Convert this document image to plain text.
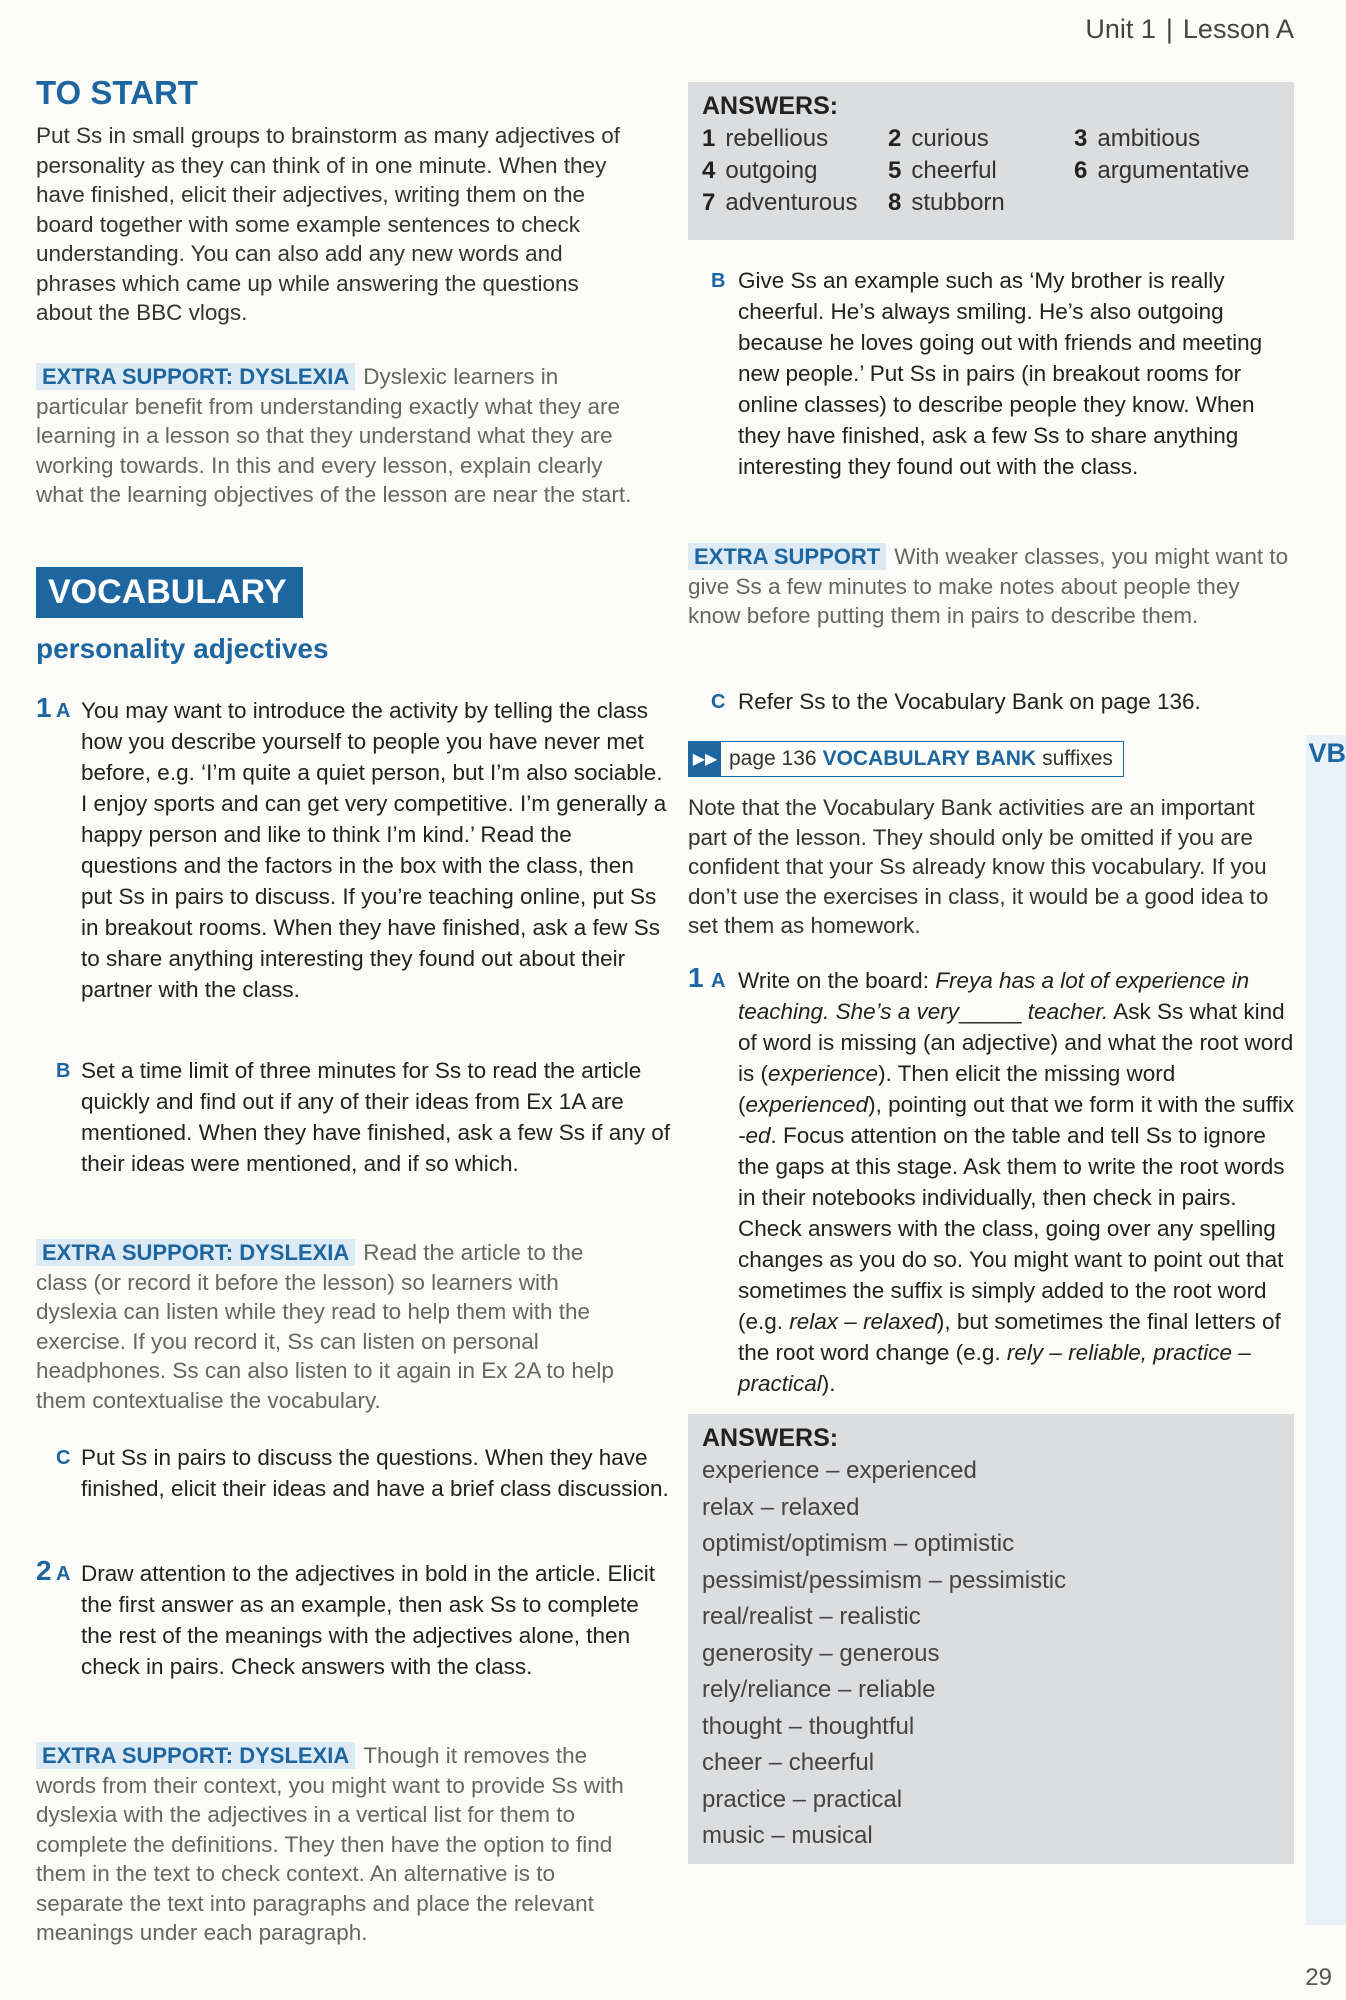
Unit 1 | Lesson A
VB
29
TO START

Put Ss in small groups to brainstorm as many adjectives of personality as they can think of in one minute. When they have finished, elicit their adjectives, writing them on the board together with some example sentences to check understanding. You can also add any new words and phrases which came up while answering the questions about the BBC vlogs.

EXTRA SUPPORT: DYSLEXIA Dyslexic learners in particular benefit from understanding exactly what they are learning in a lesson so that they understand what they are working towards. In this and every lesson, explain clearly what the learning objectives of the lesson are near the start.

VOCABULARY
personality adjectives
1 A You may want to introduce the activity by telling the class how you describe yourself to people you have never met before, e.g. ‘I’m quite a quiet person, but I’m also sociable. I enjoy sports and can get very competitive. I’m generally a happy person and like to think I’m kind.’ Read the questions and the factors in the box with the class, then put Ss in pairs to discuss. If you’re teaching online, put Ss in breakout rooms. When they have finished, ask a few Ss to share anything interesting they found out about their partner with the class.

B Set a time limit of three minutes for Ss to read the article quickly and find out if any of their ideas from Ex 1A are mentioned. When they have finished, ask a few Ss if any of their ideas were mentioned, and if so which.

EXTRA SUPPORT: DYSLEXIA Read the article to the class (or record it before the lesson) so learners with dyslexia can listen while they read to help them with the exercise. If you record it, Ss can listen on personal headphones. Ss can also listen to it again in Ex 2A to help them contextualise the vocabulary.

C Put Ss in pairs to discuss the questions. When they have finished, elicit their ideas and have a brief class discussion.

2 A Draw attention to the adjectives in bold in the article. Elicit the first answer as an example, then ask Ss to complete the rest of the meanings with the adjectives alone, then check in pairs. Check answers with the class.

EXTRA SUPPORT: DYSLEXIA Though it removes the words from their context, you might want to provide Ss with dyslexia with the adjectives in a vertical list for them to complete the definitions. They then have the option to find them in the text to check context. An alternative is to separate the text into paragraphs and place the relevant meanings under each paragraph.

ANSWERS:
1 rebellious	2 curious	3 ambitious
4 outgoing	5 cheerful	6 argumentative
7 adventurous	8 stubborn
B Give Ss an example such as ‘My brother is really cheerful. He’s always smiling. He’s also outgoing because he loves going out with friends and meeting new people.’ Put Ss in pairs (in breakout rooms for online classes) to describe people they know. When they have finished, ask a few Ss to share anything interesting they found out with the class.

EXTRA SUPPORT With weaker classes, you might want to give Ss a few minutes to make notes about people they know before putting them in pairs to describe them.

C Refer Ss to the Vocabulary Bank on page 136.

▶▶ page 136 VOCABULARY BANK suffixes

Note that the Vocabulary Bank activities are an important part of the lesson. They should only be omitted if you are confident that your Ss already know this vocabulary. If you don’t use the exercises in class, it would be a good idea to set them as homework.

1 A Write on the board: Freya has a lot of experience in teaching. She’s a very_____ teacher. Ask Ss what kind of word is missing (an adjective) and what the root word is (experience). Then elicit the missing word (experienced), pointing out that we form it with the suffix -ed. Focus attention on the table and tell Ss to ignore the gaps at this stage. Ask them to write the root words in their notebooks individually, then check in pairs. Check answers with the class, going over any spelling changes as you do so. You might want to point out that sometimes the suffix is simply added to the root word (e.g. relax – relaxed), but sometimes the final letters of the root word change (e.g. rely – reliable, practice – practical).

ANSWERS:
experience – experienced
relax – relaxed
optimist/optimism – optimistic
pessimist/pessimism – pessimistic
real/realist – realistic
generosity – generous
rely/reliance – reliable
thought – thoughtful
cheer – cheerful
practice – practical
music – musical
